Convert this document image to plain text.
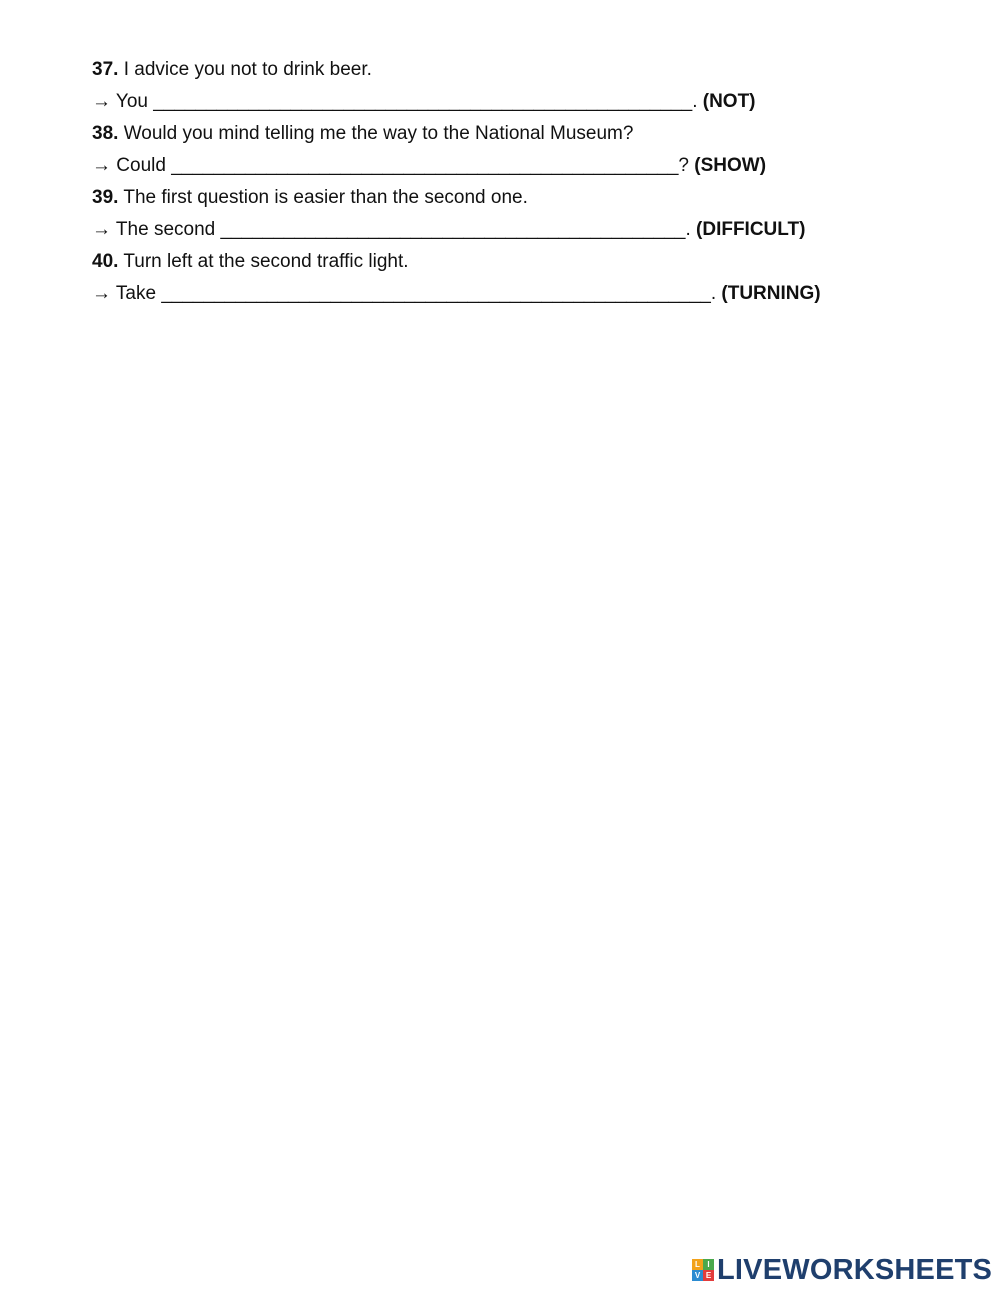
37. I advice you not to drink beer.
→ You ___________________________________________________. (NOT)
38. Would you mind telling me the way to the National Museum?
→ Could ________________________________________________? (SHOW)
39. The first question is easier than the second one.
→ The second ____________________________________________. (DIFFICULT)
40. Turn left at the second traffic light.
→ Take ____________________________________________________. (TURNING)
L I
V E LIVEWORKSHEETS
